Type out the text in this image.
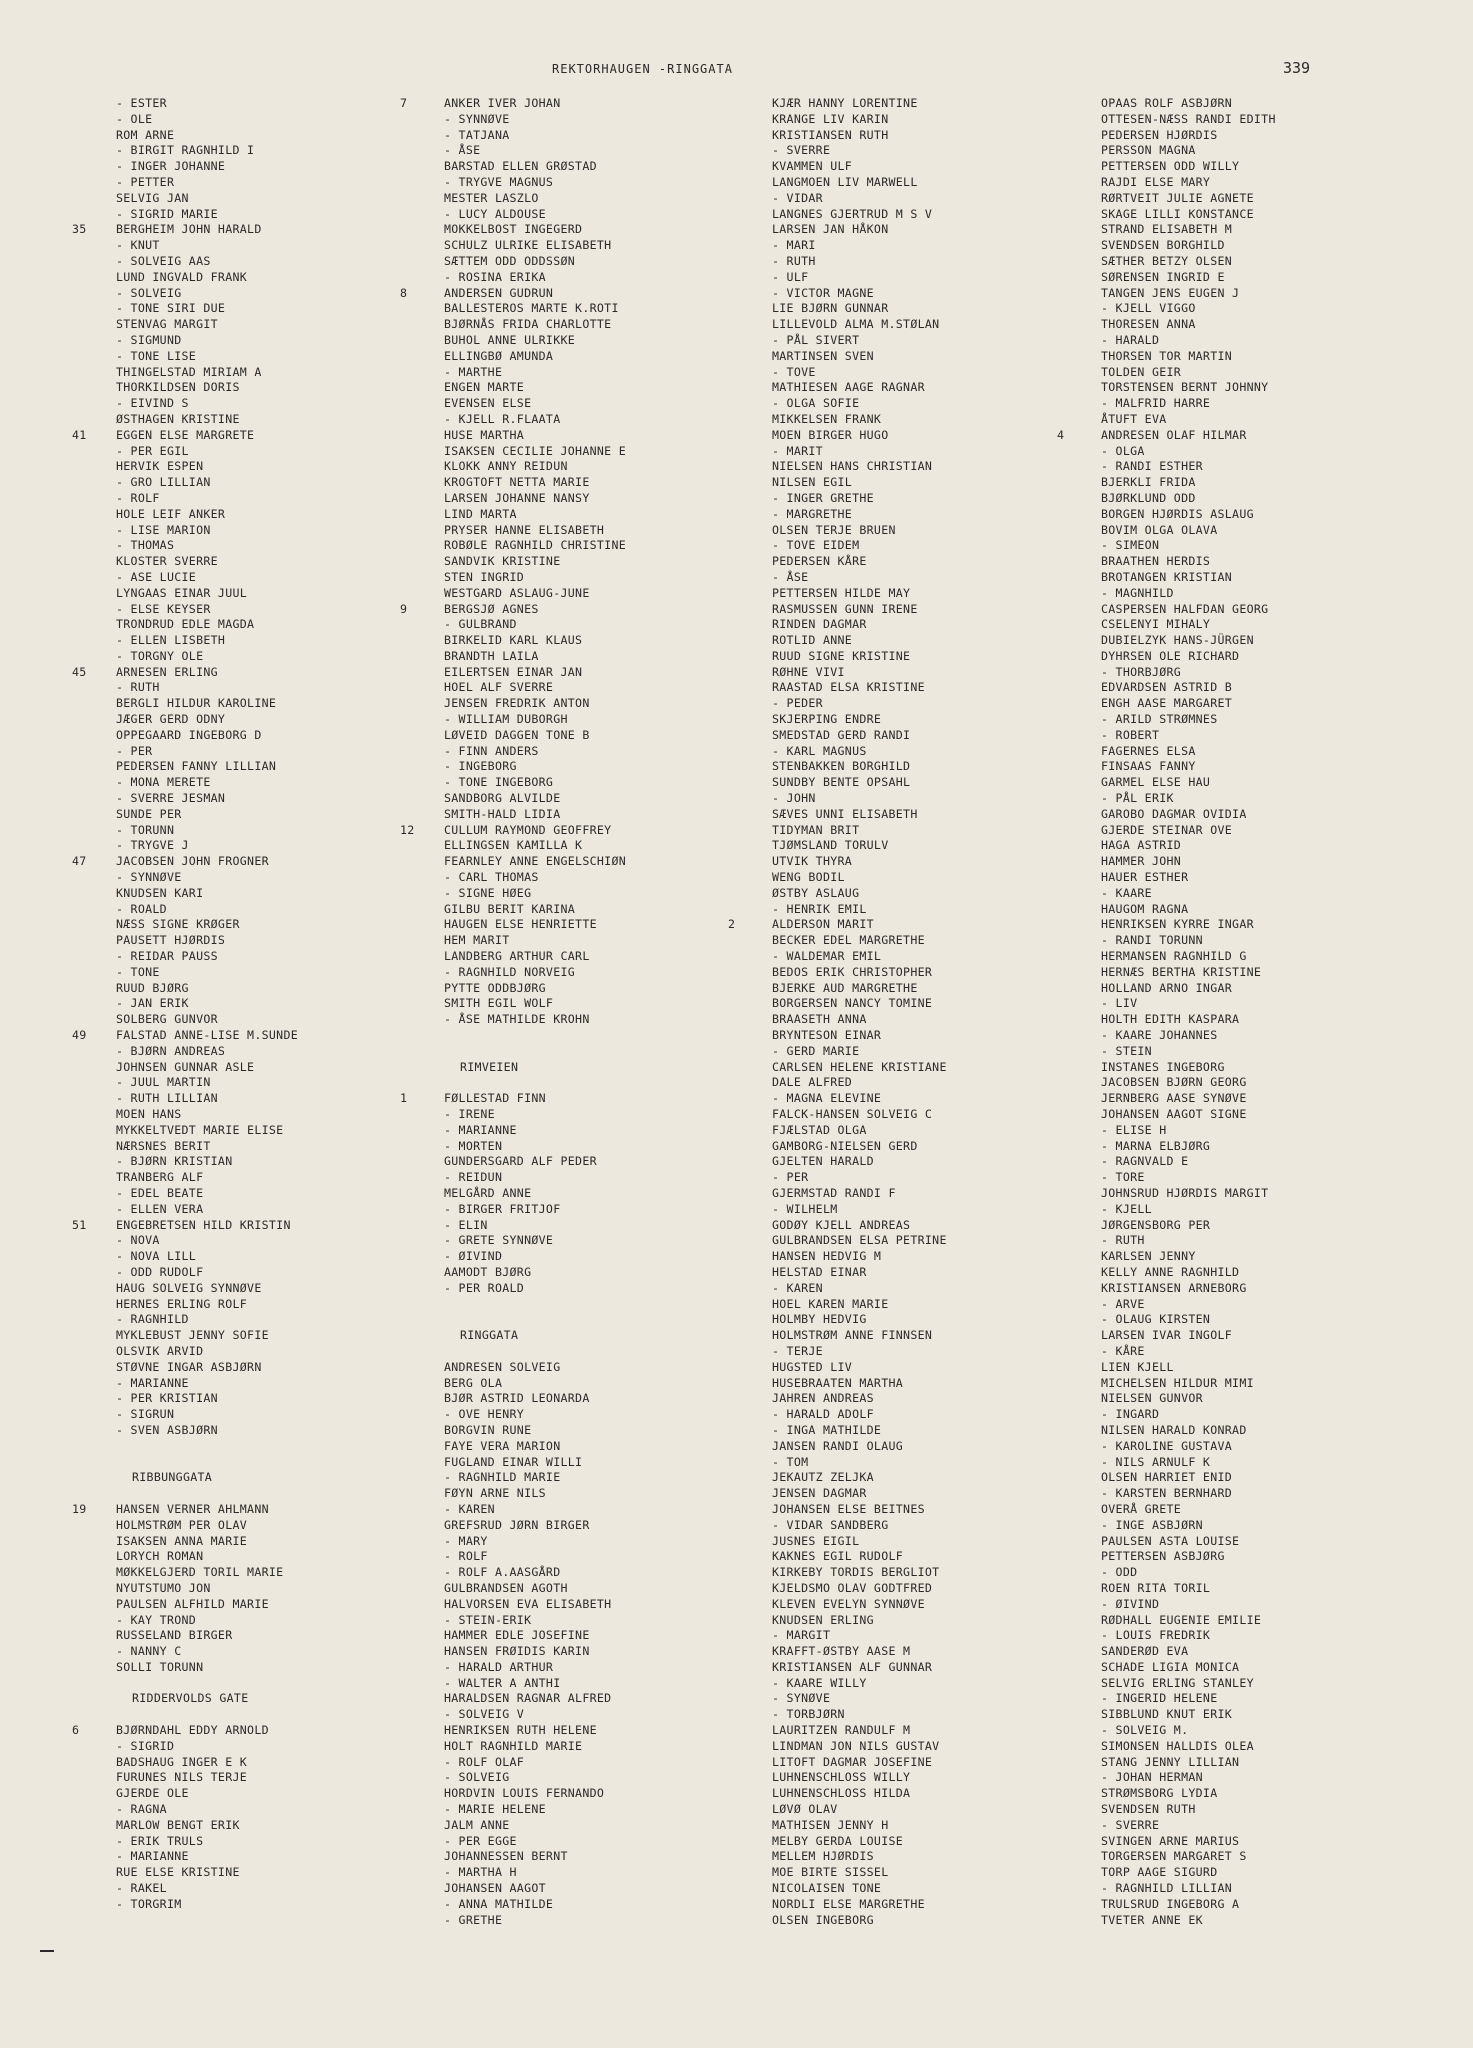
REKTORHAUGEN -RINGGATA	339
- ESTER
- OLE
ROM ARNE
- BIRGIT RAGNHILD I
- INGER JOHANNE
- PETTER
SELVIG JAN
- SIGRID MARIE
35	BERGHEIM JOHN HARALD
- KNUT
- SOLVEIG AAS
LUND INGVALD FRANK
- SOLVEIG
- TONE SIRI DUE
STENVAG MARGIT
- SIGMUND
- TONE LISE
THINGELSTAD MIRIAM A
THORKILDSEN DORIS
- EIVIND S
ØSTHAGEN KRISTINE
41	EGGEN ELSE MARGRETE
- PER EGIL
HERVIK ESPEN
- GRO LILLIAN
- ROLF
HOLE LEIF ANKER
- LISE MARION
- THOMAS
KLOSTER SVERRE
- ASE LUCIE
LYNGAAS EINAR JUUL
- ELSE KEYSER
TRONDRUD EDLE MAGDA
- ELLEN LISBETH
- TORGNY OLE
45	ARNESEN ERLING
- RUTH
BERGLI HILDUR KAROLINE
JÆGER GERD ODNY
OPPEGAARD INGEBORG D
- PER
PEDERSEN FANNY LILLIAN
- MONA MERETE
- SVERRE JESMAN
SUNDE PER
- TORUNN
- TRYGVE J
47	JACOBSEN JOHN FROGNER
- SYNNØVE
KNUDSEN KARI
- ROALD
NÆSS SIGNE KRØGER
PAUSETT HJØRDIS
- REIDAR PAUSS
- TONE
RUUD BJØRG
- JAN ERIK
SOLBERG GUNVOR
49	FALSTAD ANNE-LISE M.SUNDE
- BJØRN ANDREAS
JOHNSEN GUNNAR ASLE
- JUUL MARTIN
- RUTH LILLIAN
MOEN HANS
MYKKELTVEDT MARIE ELISE
NÆRSNES BERIT
- BJØRN KRISTIAN
TRANBERG ALF
- EDEL BEATE
- ELLEN VERA
51	ENGEBRETSEN HILD KRISTIN
- NOVA
- NOVA LILL
- ODD RUDOLF
HAUG SOLVEIG SYNNØVE
HERNES ERLING ROLF
- RAGNHILD
MYKLEBUST JENNY SOFIE
OLSVIK ARVID
STØVNE INGAR ASBJØRN
- MARIANNE
- PER KRISTIAN
- SIGRUN
- SVEN ASBJØRN
RIBBUNGGATA
19	HANSEN VERNER AHLMANN
HOLMSTRØM PER OLAV
ISAKSEN ANNA MARIE
LORYCH ROMAN
MØKKELGJERD TORIL MARIE
NYUTSTUMO JON
PAULSEN ALFHILD MARIE
- KAY TROND
RUSSELAND BIRGER
- NANNY C
SOLLI TORUNN
RIDDERVOLDS GATE
6	BJØRNDAHL EDDY ARNOLD
- SIGRID
BADSHAUG INGER E K
FURUNES NILS TERJE
GJERDE OLE
- RAGNA
MARLOW BENGT ERIK
- ERIK TRULS
- MARIANNE
RUE ELSE KRISTINE
- RAKEL
- TORGRIM
7	ANKER IVER JOHAN
- SYNNØVE
- TATJANA
- ÅSE
BARSTAD ELLEN GRØSTAD
- TRYGVE MAGNUS
MESTER LASZLO
- LUCY ALDOUSE
MOKKELBOST INGEGERD
SCHULZ ULRIKE ELISABETH
SÆTTEM ODD ODDSSØN
- ROSINA ERIKA
8	ANDERSEN GUDRUN
BALLESTEROS MARTE K.ROTI
BJØRNÅS FRIDA CHARLOTTE
BUHOL ANNE ULRIKKE
ELLINGBØ AMUNDA
- MARTHE
ENGEN MARTE
EVENSEN ELSE
- KJELL R.FLAATA
HUSE MARTHA
ISAKSEN CECILIE JOHANNE E
KLOKK ANNY REIDUN
KROGTOFT NETTA MARIE
LARSEN JOHANNE NANSY
LIND MARTA
PRYSER HANNE ELISABETH
ROBØLE RAGNHILD CHRISTINE
SANDVIK KRISTINE
STEN INGRID
WESTGARD ASLAUG-JUNE
9	BERGSJØ AGNES
- GULBRAND
BIRKELID KARL KLAUS
BRANDTH LAILA
EILERTSEN EINAR JAN
HOEL ALF SVERRE
JENSEN FREDRIK ANTON
- WILLIAM DUBORGH
LØVEID DAGGEN TONE B
- FINN ANDERS
- INGEBORG
- TONE INGEBORG
SANDBORG ALVILDE
SMITH-HALD LIDIA
12	CULLUM RAYMOND GEOFFREY
ELLINGSEN KAMILLA K
FEARNLEY ANNE ENGELSCHIØN
- CARL THOMAS
- SIGNE HØEG
GILBU BERIT KARINA
HAUGEN ELSE HENRIETTE
HEM MARIT
LANDBERG ARTHUR CARL
- RAGNHILD NORVEIG
PYTTE ODDBJØRG
SMITH EGIL WOLF
- ÅSE MATHILDE KROHN
RIMVEIEN
1	FØLLESTAD FINN
- IRENE
- MARIANNE
- MORTEN
GUNDERSGARD ALF PEDER
- REIDUN
MELGÅRD ANNE
- BIRGER FRITJOF
- ELIN
- GRETE SYNNØVE
- ØIVIND
AAMODT BJØRG
- PER ROALD
RINGGATA
ANDRESEN SOLVEIG
BERG OLA
BJØR ASTRID LEONARDA
- OVE HENRY
BORGVIN RUNE
FAYE VERA MARION
FUGLAND EINAR WILLI
- RAGNHILD MARIE
FØYN ARNE NILS
- KAREN
GREFSRUD JØRN BIRGER
- MARY
- ROLF
- ROLF A.AASGÅRD
GULBRANDSEN AGOTH
HALVORSEN EVA ELISABETH
- STEIN-ERIK
HAMMER EDLE JOSEFINE
HANSEN FRØIDIS KARIN
- HARALD ARTHUR
- WALTER A ANTHI
HARALDSEN RAGNAR ALFRED
- SOLVEIG V
HENRIKSEN RUTH HELENE
HOLT RAGNHILD MARIE
- ROLF OLAF
- SOLVEIG
HORDVIN LOUIS FERNANDO
- MARIE HELENE
JALM ANNE
- PER EGGE
JOHANNESSEN BERNT
- MARTHA H
JOHANSEN AAGOT
- ANNA MATHILDE
- GRETHE
KJÆR HANNY LORENTINE
KRANGE LIV KARIN
KRISTIANSEN RUTH
- SVERRE
KVAMMEN ULF
LANGMOEN LIV MARWELL
- VIDAR
LANGNES GJERTRUD M S V
LARSEN JAN HÅKON
- MARI
- RUTH
- ULF
- VICTOR MAGNE
LIE BJØRN GUNNAR
LILLEVOLD ALMA M.STØLAN
- PÅL SIVERT
MARTINSEN SVEN
- TOVE
MATHIESEN AAGE RAGNAR
- OLGA SOFIE
MIKKELSEN FRANK
MOEN BIRGER HUGO
- MARIT
NIELSEN HANS CHRISTIAN
NILSEN EGIL
- INGER GRETHE
- MARGRETHE
OLSEN TERJE BRUEN
- TOVE EIDEM
PEDERSEN KÅRE
- ÅSE
PETTERSEN HILDE MAY
RASMUSSEN GUNN IRENE
RINDEN DAGMAR
ROTLID ANNE
RUUD SIGNE KRISTINE
RØHNE VIVI
RAASTAD ELSA KRISTINE
- PEDER
SKJERPING ENDRE
SMEDSTAD GERD RANDI
- KARL MAGNUS
STENBAKKEN BORGHILD
SUNDBY BENTE OPSAHL
- JOHN
SÆVES UNNI ELISABETH
TIDYMAN BRIT
TJØMSLAND TORULV
UTVIK THYRA
WENG BODIL
ØSTBY ASLAUG
- HENRIK EMIL
2	ALDERSON MARIT
BECKER EDEL MARGRETHE
- WALDEMAR EMIL
BEDOS ERIK CHRISTOPHER
BJERKE AUD MARGRETHE
BORGERSEN NANCY TOMINE
BRAASETH ANNA
BRYNTESON EINAR
- GERD MARIE
CARLSEN HELENE KRISTIANE
DALE ALFRED
- MAGNA ELEVINE
FALCK-HANSEN SOLVEIG C
FJÆLSTAD OLGA
GAMBORG-NIELSEN GERD
GJELTEN HARALD
- PER
GJERMSTAD RANDI F
- WILHELM
GODØY KJELL ANDREAS
GULBRANDSEN ELSA PETRINE
HANSEN HEDVIG M
HELSTAD EINAR
- KAREN
HOEL KAREN MARIE
HOLMBY HEDVIG
HOLMSTRØM ANNE FINNSEN
- TERJE
HUGSTED LIV
HUSEBRAATEN MARTHA
JAHREN ANDREAS
- HARALD ADOLF
- INGA MATHILDE
JANSEN RANDI OLAUG
- TOM
JEKAUTZ ZELJKA
JENSEN DAGMAR
JOHANSEN ELSE BEITNES
- VIDAR SANDBERG
JUSNES EIGIL
KAKNES EGIL RUDOLF
KIRKEBY TORDIS BERGLIOT
KJELDSMO OLAV GODTFRED
KLEVEN EVELYN SYNNØVE
KNUDSEN ERLING
- MARGIT
KRAFFT-ØSTBY AASE M
KRISTIANSEN ALF GUNNAR
- KAARE WILLY
- SYNØVE
- TORBJØRN
LAURITZEN RANDULF M
LINDMAN JON NILS GUSTAV
LITOFT DAGMAR JOSEFINE
LUHNENSCHLOSS WILLY
LUHNENSCHLOSS HILDA
LØVØ OLAV
MATHISEN JENNY H
MELBY GERDA LOUISE
MELLEM HJØRDIS
MOE BIRTE SISSEL
NICOLAISEN TONE
NORDLI ELSE MARGRETHE
OLSEN INGEBORG
OPAAS ROLF ASBJØRN
OTTESEN-NÆSS RANDI EDITH
PEDERSEN HJØRDIS
PERSSON MAGNA
PETTERSEN ODD WILLY
RAJDI ELSE MARY
RØRTVEIT JULIE AGNETE
SKAGE LILLI KONSTANCE
STRAND ELISABETH M
SVENDSEN BORGHILD
SÆTHER BETZY OLSEN
SØRENSEN INGRID E
TANGEN JENS EUGEN J
- KJELL VIGGO
THORESEN ANNA
- HARALD
THORSEN TOR MARTIN
TOLDEN GEIR
TORSTENSEN BERNT JOHNNY
- MALFRID HARRE
ÅTUFT EVA
4	ANDRESEN OLAF HILMAR
- OLGA
- RANDI ESTHER
BJERKLI FRIDA
BJØRKLUND ODD
BORGEN HJØRDIS ASLAUG
BOVIM OLGA OLAVA
- SIMEON
BRAATHEN HERDIS
BROTANGEN KRISTIAN
- MAGNHILD
CASPERSEN HALFDAN GEORG
CSELENYI MIHALY
DUBIELZYK HANS-JÜRGEN
DYHRSEN OLE RICHARD
- THORBJØRG
EDVARDSEN ASTRID B
ENGH AASE MARGARET
- ARILD STRØMNES
- ROBERT
FAGERNES ELSA
FINSAAS FANNY
GARMEL ELSE HAU
- PÅL ERIK
GAROBO DAGMAR OVIDIA
GJERDE STEINAR OVE
HAGA ASTRID
HAMMER JOHN
HAUER ESTHER
- KAARE
HAUGOM RAGNA
HENRIKSEN KYRRE INGAR
- RANDI TORUNN
HERMANSEN RAGNHILD G
HERNÆS BERTHA KRISTINE
HOLLAND ARNO INGAR
- LIV
HOLTH EDITH KASPARA
- KAARE JOHANNES
- STEIN
INSTANES INGEBORG
JACOBSEN BJØRN GEORG
JERNBERG AASE SYNØVE
JOHANSEN AAGOT SIGNE
- ELISE H
- MARNA ELBJØRG
- RAGNVALD E
- TORE
JOHNSRUD HJØRDIS MARGIT
- KJELL
JØRGENSBORG PER
- RUTH
KARLSEN JENNY
KELLY ANNE RAGNHILD
KRISTIANSEN ARNEBORG
- ARVE
- OLAUG KIRSTEN
LARSEN IVAR INGOLF
- KÅRE
LIEN KJELL
MICHELSEN HILDUR MIMI
NIELSEN GUNVOR
- INGARD
NILSEN HARALD KONRAD
- KAROLINE GUSTAVA
- NILS ARNULF K
OLSEN HARRIET ENID
- KARSTEN BERNHARD
OVERÅ GRETE
- INGE ASBJØRN
PAULSEN ASTA LOUISE
PETTERSEN ASBJØRG
- ODD
ROEN RITA TORIL
- ØIVIND
RØDHALL EUGENIE EMILIE
- LOUIS FREDRIK
SANDERØD EVA
SCHADE LIGIA MONICA
SELVIG ERLING STANLEY
- INGERID HELENE
SIBBLUND KNUT ERIK
- SOLVEIG M.
SIMONSEN HALLDIS OLEA
STANG JENNY LILLIAN
- JOHAN HERMAN
STRØMSBORG LYDIA
SVENDSEN RUTH
- SVERRE
SVINGEN ARNE MARIUS
TORGERSEN MARGARET S
TORP AAGE SIGURD
- RAGNHILD LILLIAN
TRULSRUD INGEBORG A
TVETER ANNE EK
